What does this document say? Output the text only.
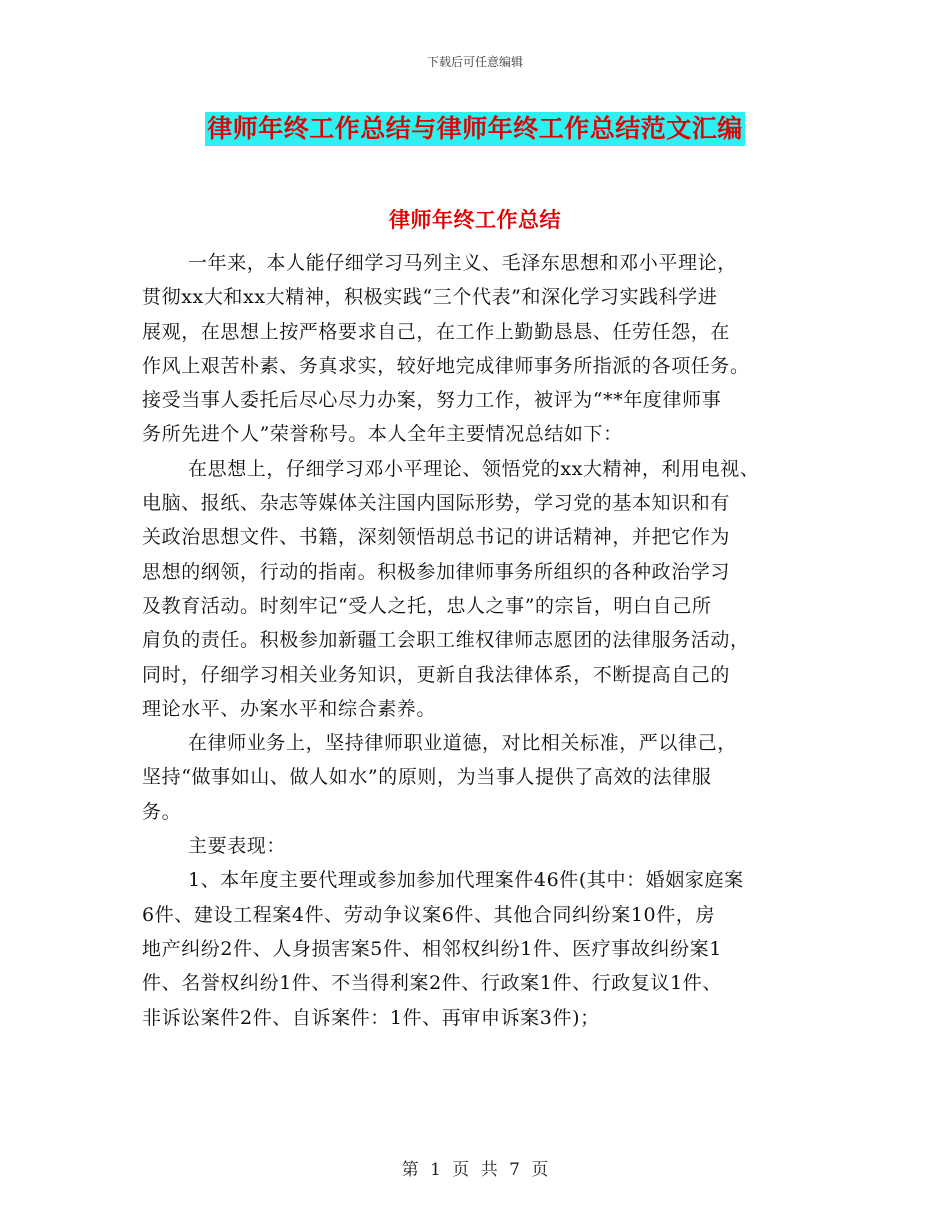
下载后可任意编辑
律师年终工作总结与律师年终工作总结范文汇编
律师年终工作总结
一年来，本人能仔细学习马列主义、毛泽东思想和邓小平理论，
贯彻xx大和xx大精神，积极实践“三个代表”和深化学习实践科学进
展观，在思想上按严格要求自己，在工作上勤勤恳恳、任劳任怨，在
作风上艰苦朴素、务真求实，较好地完成律师事务所指派的各项任务。
接受当事人委托后尽心尽力办案，努力工作，被评为“**年度律师事
务所先进个人”荣誉称号。本人全年主要情况总结如下：
在思想上，仔细学习邓小平理论、领悟党的xx大精神，利用电视、
电脑、报纸、杂志等媒体关注国内国际形势，学习党的基本知识和有
关政治思想文件、书籍，深刻领悟胡总书记的讲话精神，并把它作为
思想的纲领，行动的指南。积极参加律师事务所组织的各种政治学习
及教育活动。时刻牢记“受人之托，忠人之事”的宗旨，明白自己所
肩负的责任。积极参加新疆工会职工维权律师志愿团的法律服务活动，
同时，仔细学习相关业务知识，更新自我法律体系，不断提高自己的
理论水平、办案水平和综合素养。
在律师业务上，坚持律师职业道德，对比相关标准，严以律己，
坚持“做事如山、做人如水”的原则，为当事人提供了高效的法律服
务。
主要表现：
1、本年度主要代理或参加参加代理案件46件(其中：婚姻家庭案
6件、建设工程案4件、劳动争议案6件、其他合同纠纷案10件，房
地产纠纷2件、人身损害案5件、相邻权纠纷1件、医疗事故纠纷案1
件、名誉权纠纷1件、不当得利案2件、行政案1件、行政复议1件、
非诉讼案件2件、自诉案件：1件、再审申诉案3件)；
第 1 页 共 7 页
